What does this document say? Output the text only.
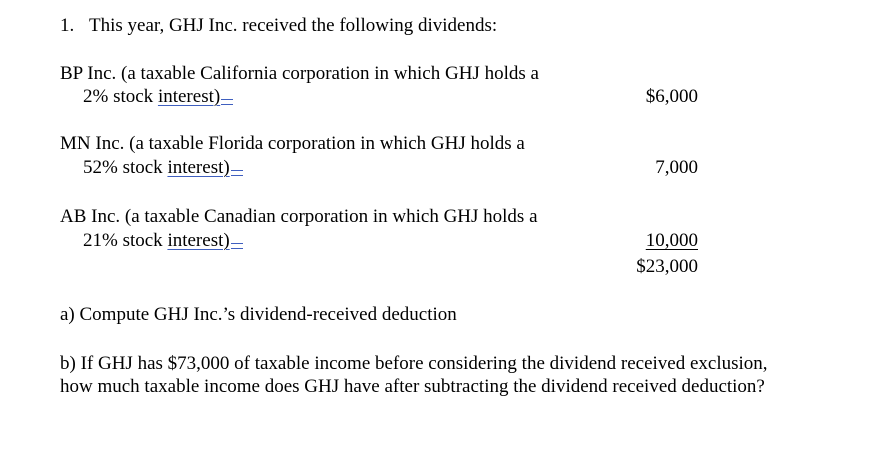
1. This year, GHJ Inc. received the following dividends:
BP Inc. (a taxable California corporation in which GHJ holds a
2% stock interest)	$6,000
MN Inc. (a taxable Florida corporation in which GHJ holds a
52% stock interest)	7,000
AB Inc. (a taxable Canadian corporation in which GHJ holds a
21% stock interest)	10,000
$23,000
a) Compute GHJ Inc.’s dividend-received deduction
b) If GHJ has $73,000 of taxable income before considering the dividend received exclusion,
how much taxable income does GHJ have after subtracting the dividend received deduction?
